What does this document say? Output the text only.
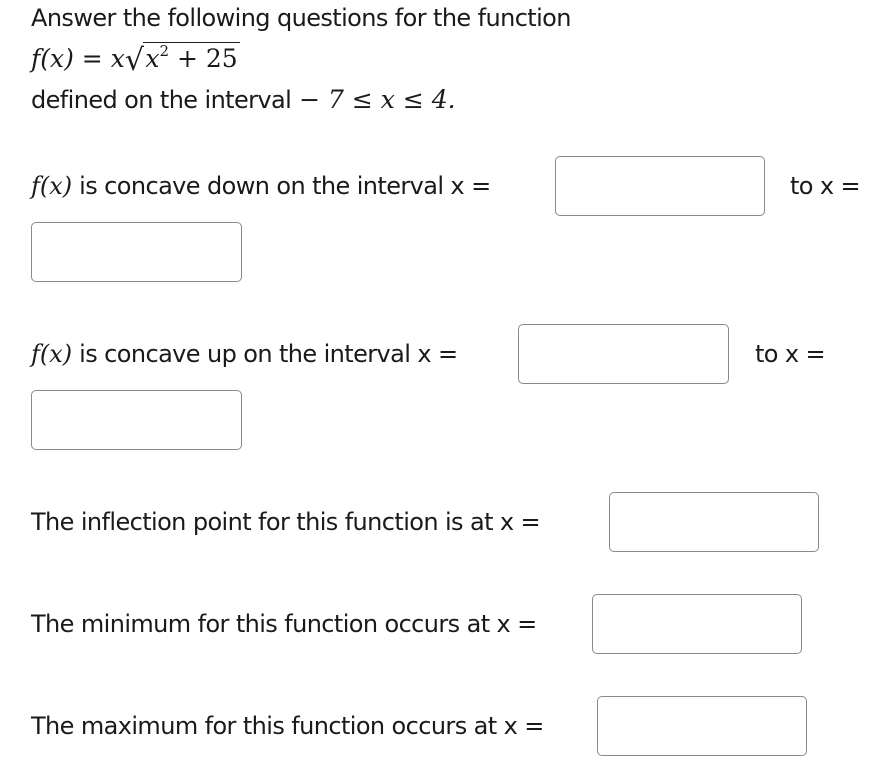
Answer the following questions for the function
$f(x) = x√x^2 + 25$
defined on the interval − 7 ≤ x ≤ 4.
f(x) is concave down on the interval x =	to x =
f(x) is concave up on the interval x =	to x =
The inflection point for this function is at x =
The minimum for this function occurs at x =
The maximum for this function occurs at x =
